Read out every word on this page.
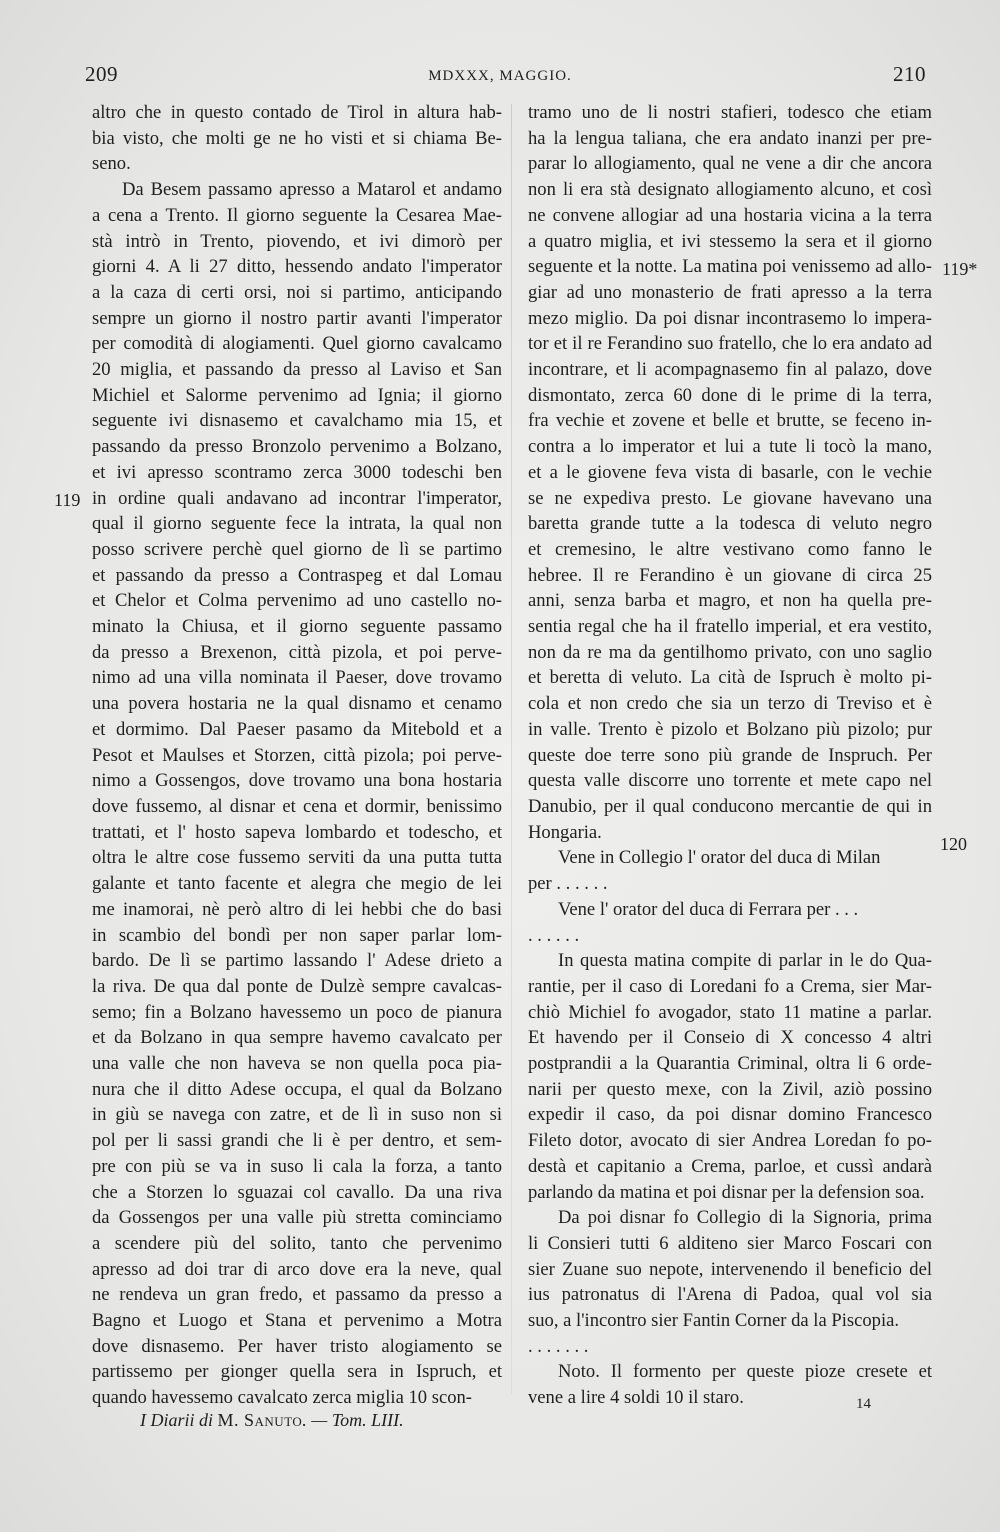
209	MDXXX, MAGGIO.	210
altro che in questo contado de Tirol in altura hab-
bia visto, che molti ge ne ho visti et si chiama Be-
seno.
Da Besem passamo apresso a Matarol et andamo
a cena a Trento. Il giorno seguente la Cesarea Mae-
stà intrò in Trento, piovendo, et ivi dimorò per
giorni 4. A li 27 ditto, hessendo andato l'imperator
a la caza di certi orsi, noi si partimo, anticipando
sempre un giorno il nostro partir avanti l'imperator
per comodità di alogiamenti. Quel giorno cavalcamo
20 miglia, et passando da presso al Laviso et San
Michiel et Salorme pervenimo ad Ignia; il giorno
seguente ivi disnasemo et cavalchamo mia 15, et
passando da presso Bronzolo pervenimo a Bolzano,
et ivi apresso scontramo zerca 3000 todeschi ben
in ordine quali andavano ad incontrar l'imperator,
qual il giorno seguente fece la intrata, la qual non
posso scrivere perchè quel giorno de lì se partimo
et passando da presso a Contraspeg et dal Lomau
et Chelor et Colma pervenimo ad uno castello no-
minato la Chiusa, et il giorno seguente passamo
da presso a Brexenon, città pizola, et poi perve-
nimo ad una villa nominata il Paeser, dove trovamo
una povera hostaria ne la qual disnamo et cenamo
et dormimo. Dal Paeser pasamo da Mitebold et a
Pesot et Maulses et Storzen, città pizola; poi perve-
nimo a Gossengos, dove trovamo una bona hostaria
dove fussemo, al disnar et cena et dormir, benissimo
trattati, et l' hosto sapeva lombardo et todescho, et
oltra le altre cose fussemo serviti da una putta tutta
galante et tanto facente et alegra che megio de lei
me inamorai, nè però altro di lei hebbi che do basi
in scambio del bondì per non saper parlar lom-
bardo. De lì se partimo lassando l' Adese drieto a
la riva. De qua dal ponte de Dulzè sempre cavalcas-
semo; fin a Bolzano havessemo un poco de pianura
et da Bolzano in qua sempre havemo cavalcato per
una valle che non haveva se non quella poca pia-
nura che il ditto Adese occupa, el qual da Bolzano
in giù se navega con zatre, et de lì in suso non si
pol per li sassi grandi che li è per dentro, et sem-
pre con più se va in suso li cala la forza, a tanto
che a Storzen lo sguazai col cavallo. Da una riva
da Gossengos per una valle più stretta cominciamo
a scendere più del solito, tanto che pervenimo
apresso ad doi trar di arco dove era la neve, qual
ne rendeva un gran fredo, et passamo da presso a
Bagno et Luogo et Stana et pervenimo a Motra
dove disnasemo. Per haver tristo alogiamento se
partissemo per gionger quella sera in Ispruch, et
quando havessemo cavalcato zerca miglia 10 scon-
tramo uno de li nostri stafieri, todesco che etiam
ha la lengua taliana, che era andato inanzi per pre-
parar lo allogiamento, qual ne vene a dir che ancora
non li era stà designato allogiamento alcuno, et così
ne convene allogiar ad una hostaria vicina a la terra
a quatro miglia, et ivi stessemo la sera et il giorno
seguente et la notte. La matina poi venissemo ad allo-
giar ad uno monasterio de frati apresso a la terra
mezo miglio. Da poi disnar incontrasemo lo impera-
tor et il re Ferandino suo fratello, che lo era andato ad
incontrare, et li acompagnasemo fin al palazo, dove
dismontato, zerca 60 done di le prime di la terra,
fra vechie et zovene et belle et brutte, se feceno in-
contra a lo imperator et lui a tute li tocò la mano,
et a le giovene feva vista di basarle, con le vechie
se ne expediva presto. Le giovane havevano una
baretta grande tutte a la todesca di veluto negro
et cremesino, le altre vestivano como fanno le
hebree. Il re Ferandino è un giovane di circa 25
anni, senza barba et magro, et non ha quella pre-
sentia regal che ha il fratello imperial, et era vestito,
non da re ma da gentilhomo privato, con uno saglio
et beretta di veluto. La cità de Ispruch è molto pi-
cola et non credo che sia un terzo di Treviso et è
in valle. Trento è pizolo et Bolzano più pizolo; pur
queste doe terre sono più grande de Inspruch. Per
questa valle discorre uno torrente et mete capo nel
Danubio, per il qual conducono mercantie de qui in
Hongaria.
Vene in Collegio l' orator del duca di Milan
per . . . . . .
Vene l' orator del duca di Ferrara per . . .
. . . . . .
In questa matina compite di parlar in le do Qua-
rantie, per il caso di Loredani fo a Crema, sier Mar-
chiò Michiel fo avogador, stato 11 matine a parlar.
Et havendo per il Conseio di X concesso 4 altri
postprandii a la Quarantia Criminal, oltra li 6 orde-
narii per questo mexe, con la Zivil, aziò possino
expedir il caso, da poi disnar domino Francesco
Fileto dotor, avocato di sier Andrea Loredan fo po-
destà et capitanio a Crema, parloe, et cussì andarà
parlando da matina et poi disnar per la defension soa.
Da poi disnar fo Collegio di la Signoria, prima
li Consieri tutti 6 alditeno sier Marco Foscari con
sier Zuane suo nepote, intervenendo il beneficio del
ius patronatus di l'Arena di Padoa, qual vol sia
suo, a l'incontro sier Fantin Corner da la Piscopia.
. . . . . . .
Noto. Il formento per queste pioze cresete et
vene a lire 4 soldi 10 il staro.
119
119*
120
I Diarii di M. Sanuto. — Tom. LIII.
14
